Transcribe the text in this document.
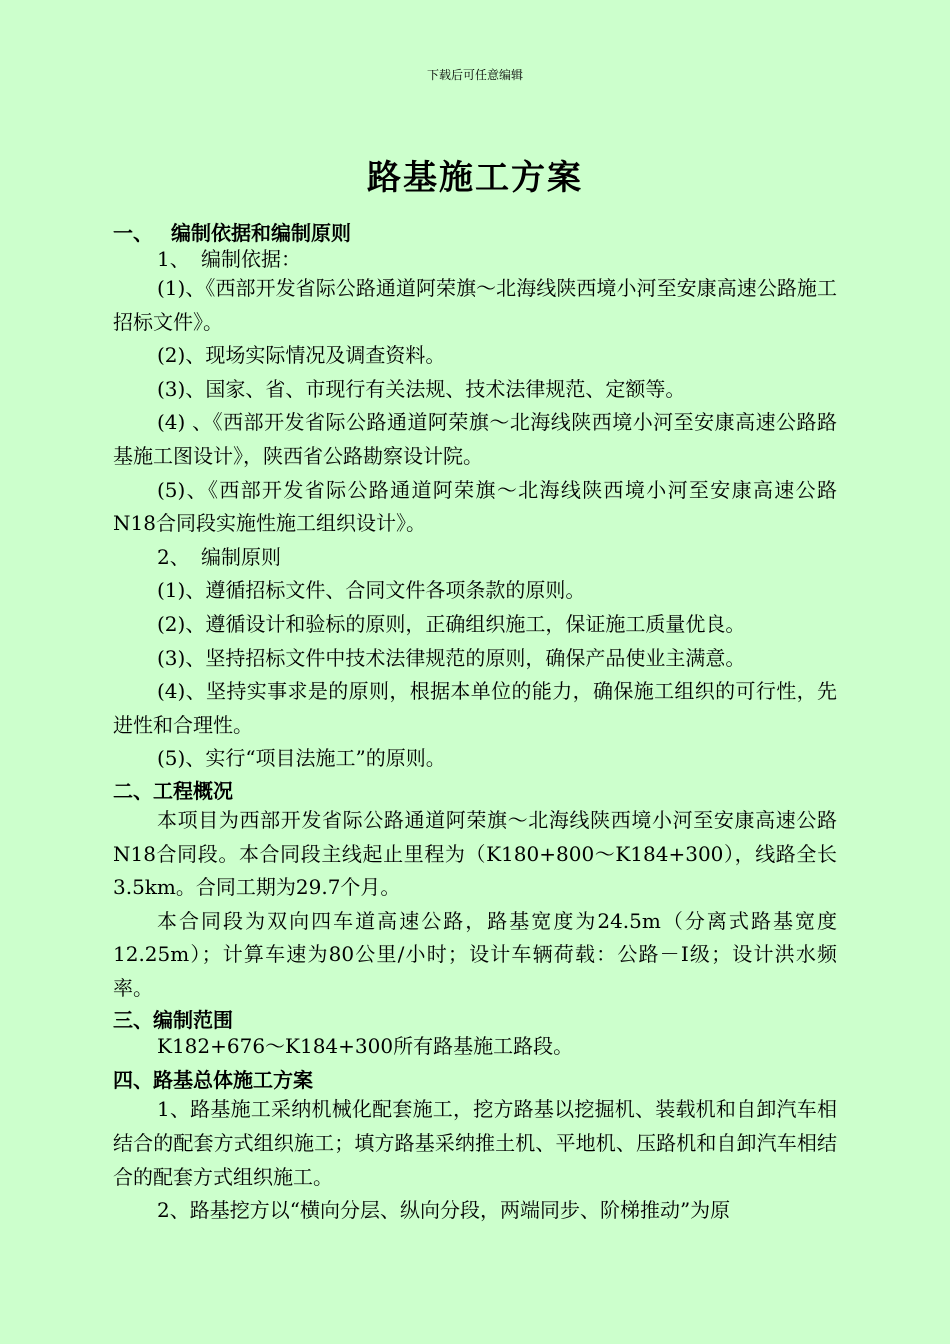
下载后可任意编辑
路基施工方案
一、 编制依据和编制原则
1、 编制依据：

(1)、《西部开发省际公路通道阿荣旗～北海线陕西境小河至安康高速公路施工招标文件》。

(2)、现场实际情况及调查资料。

(3)、国家、省、市现行有关法规、技术法律规范、定额等。

(4) 、《西部开发省际公路通道阿荣旗～北海线陕西境小河至安康高速公路路基施工图设计》，陕西省公路勘察设计院。

(5)、《西部开发省际公路通道阿荣旗～北海线陕西境小河至安康高速公路N18合同段实施性施工组织设计》。

2、 编制原则

(1)、遵循招标文件、合同文件各项条款的原则。

(2)、遵循设计和验标的原则，正确组织施工，保证施工质量优良。

(3)、坚持招标文件中技术法律规范的原则，确保产品使业主满意。

(4)、坚持实事求是的原则，根据本单位的能力，确保施工组织的可行性，先进性和合理性。

(5)、实行“项目法施工”的原则。

二、工程概况

本项目为西部开发省际公路通道阿荣旗～北海线陕西境小河至安康高速公路N18合同段。本合同段主线起止里程为（K180+800～K184+300），线路全长3.5km。合同工期为29.7个月。

本合同段为双向四车道高速公路，路基宽度为24.5m（分离式路基宽度12.25m）；计算车速为80公里/小时；设计车辆荷载：公路－Ⅰ级；设计洪水频率。

三、编制范围

K182+676～K184+300所有路基施工路段。

四、路基总体施工方案

1、路基施工采纳机械化配套施工，挖方路基以挖掘机、装载机和自卸汽车相结合的配套方式组织施工；填方路基采纳推土机、平地机、压路机和自卸汽车相结合的配套方式组织施工。

2、路基挖方以“横向分层、纵向分段，两端同步、阶梯推动”为原
